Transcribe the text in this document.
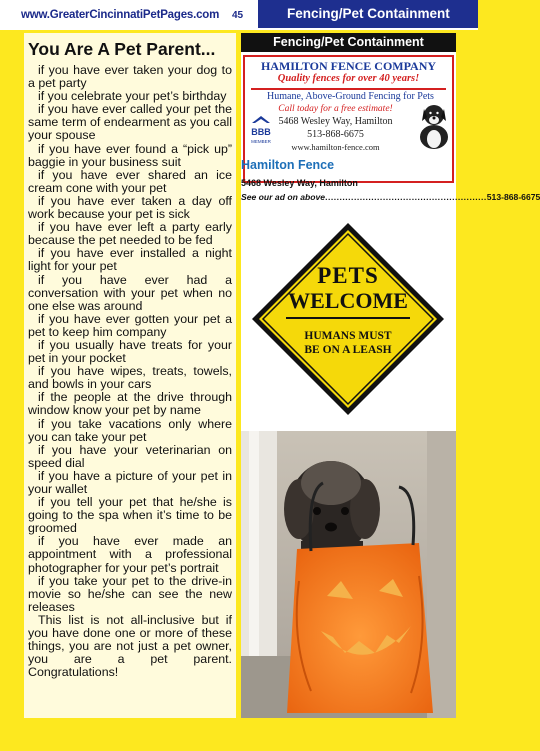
www.GreaterCincinnatiPetPages.com 45	Fencing/Pet Containment
You Are A Pet Parent...

if you have ever taken your dog to a pet party

if you celebrate your pet’s birthday

if you have ever called your pet the same term of endearment as you call your spouse

if you have ever found a “pick up” baggie in your business suit

if you have ever shared an ice cream cone with your pet

if you have ever taken a day off work because your pet is sick

if you have ever left a party early because the pet needed to be fed

if you have ever installed a night light for your pet

if you have ever had a conversation with your pet when no one else was around

if you have ever gotten your pet a pet to keep him company

if you usually have treats for your pet in your pocket

if you have wipes, treats, towels, and bowls in your cars

if the people at the drive through window know your pet by name

if you take vacations only where you can take your pet

if you have your veterinarian on speed dial

if you have a picture of your pet in your wallet

if you tell your pet that he/she is going to the spa when it’s time to be groomed

if you have ever made an appointment with a professional photographer for your pet’s portrait

if you take your pet to the drive-in movie so he/she can see the new releases

This list is not all-inclusive but if you have done one or more of these things, you are not just a pet owner, you are a pet parent. Congratulations!

Fencing/Pet Containment
HAMILTON FENCE COMPANY
Quality fences for over 40 years!
Humane, Above-Ground Fencing for Pets
Call today for a free estimate!
5468 Wesley Way, Hamilton
513-868-6675
www.hamilton-fence.com
BBB
MEMBER
Hamilton Fence
5468 Wesley Way, Hamilton
See our ad on above ........................................................ 513-868-6675
PETS
WELCOME
HUMANS MUST
BE ON A LEASH
